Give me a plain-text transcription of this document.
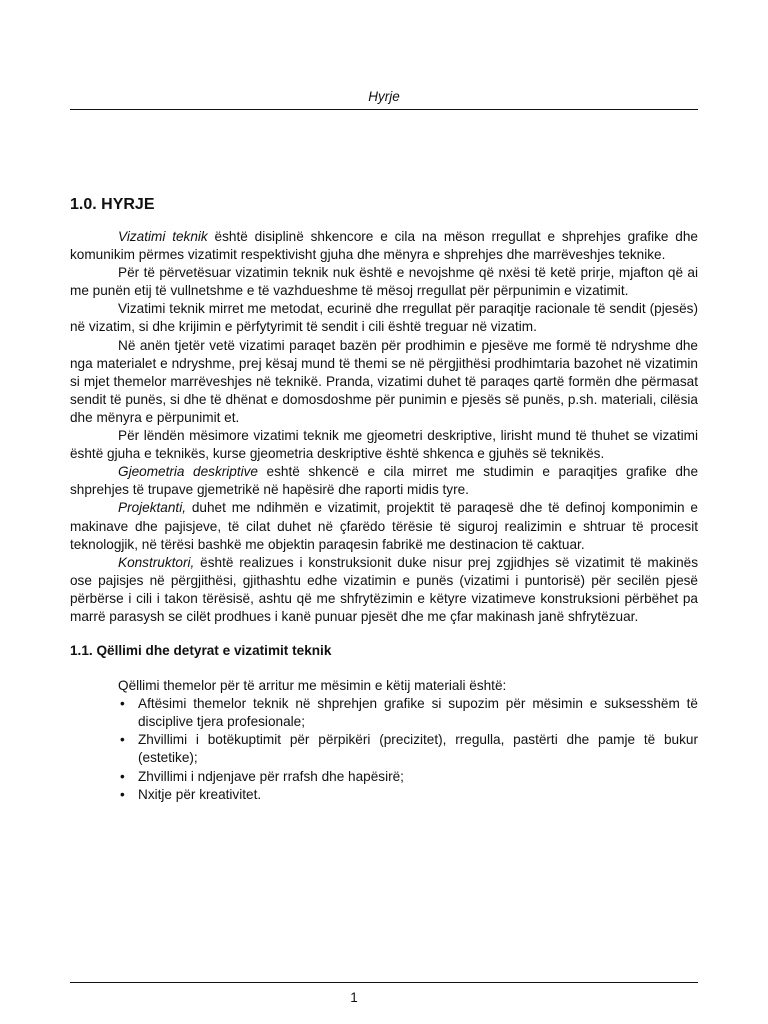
Hyrje
1.0. HYRJE

Vizatimi teknik është disiplinë shkencore e cila na mëson rregullat e shprehjes grafike dhe komunikim përmes vizatimit respektivisht gjuha dhe mënyra e shprehjes dhe marrëveshjes teknike.

Për të përvetësuar vizatimin teknik nuk është e nevojshme që nxësi të ketë prirje, mjafton që ai me punën etij të vullnetshme e të vazhdueshme të mësoj rregullat për përpunimin e vizatimit.

Vizatimi teknik mirret me metodat, ecurinë dhe rregullat për paraqitje racionale të sendit (pjesës) në vizatim, si dhe krijimin e përfytyrimit të sendit i cili është treguar në vizatim.

Në anën tjetër vetë vizatimi paraqet bazën për prodhimin e pjesëve me formë të ndryshme dhe nga materialet e ndryshme, prej kësaj mund të themi se në përgjithësi prodhimtaria bazohet në vizatimin si mjet themelor marrëveshjes në teknikë. Pranda, vizatimi duhet të paraqes qartë formën dhe përmasat sendit të punës, si dhe të dhënat e domosdoshme për punimin e pjesës së punës, p.sh. materiali, cilësia dhe mënyra e përpunimit et.

Për lëndën mësimore vizatimi teknik me gjeometri deskriptive, lirisht mund të thuhet se vizatimi është gjuha e teknikës, kurse gjeometria deskriptive është shkenca e gjuhës së teknikës.

Gjeometria deskriptive eshtë shkencë e cila mirret me studimin e paraqitjes grafike dhe shprehjes të trupave gjemetrikë në hapësirë dhe raporti midis tyre.

Projektanti, duhet me ndihmën e vizatimit, projektit të paraqesë dhe të definoj komponimin e makinave dhe pajisjeve, të cilat duhet në çfarëdo tërësie të siguroj realizimin e shtruar të procesit teknologjik, në tërësi bashkë me objektin paraqesin fabrikë me destinacion të caktuar.

Konstruktori, është realizues i konstruksionit duke nisur prej zgjidhjes së vizatimit të makinës ose pajisjes në përgjithësi, gjithashtu edhe vizatimin e punës (vizatimi i puntorisë) për secilën pjesë përbërse i cili i takon tërësisë, ashtu që me shfrytëzimin e këtyre vizatimeve konstruksioni përbëhet pa marrë parasysh se cilët prodhues i kanë punuar pjesët dhe me çfar makinash janë shfrytëzuar.

1.1. Qëllimi dhe detyrat e vizatimit teknik

Qëllimi themelor për të arritur me mësimin e këtij materiali është:

• Aftësimi themelor teknik në shprehjen grafike si supozim për mësimin e suksesshëm të disciplive tjera profesionale;
• Zhvillimi i botëkuptimit për përpikëri (precizitet), rregulla, pastërti dhe pamje të bukur (estetike);
• Zhvillimi i ndjenjave për rrafsh dhe hapësirë;
• Nxitje për kreativitet.
1
